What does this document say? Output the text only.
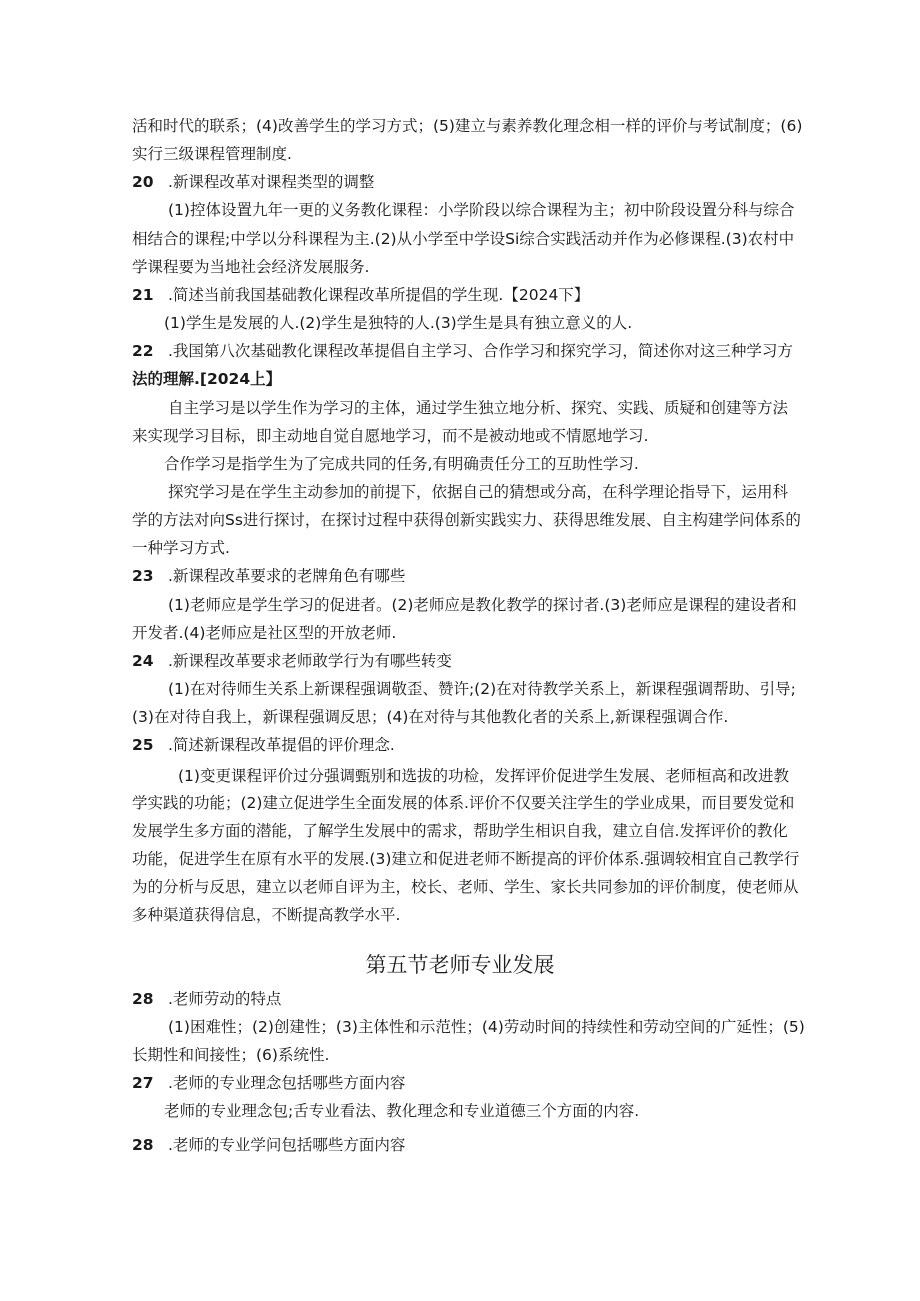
活和时代的联系；(4)改善学生的学习方式；(5)建立与素养教化理念相一样的评价与考试制度；(6)
实行三级课程管理制度.
20 .新课程改革对课程类型的调整
(1)控体设置九年一更的义务教化课程：小学阶段以综合课程为主；初中阶段设置分科与综合
相结合的课程;中学以分科课程为主.(2)从小学至中学设Si综合实践活动并作为必修课程.(3)农村中
学课程要为当地社会经济发展服务.
21 .简述当前我国基础教化课程改革所提倡的学生现.【2024下】
(1)学生是发展的人.(2)学生是独特的人.(3)学生是具有独立意义的人.
22 .我国第八次基础教化课程改革提倡自主学习、合作学习和探究学习，简述你对这三种学习方
法的理解.[2024上】
自主学习是以学生作为学习的主体，通过学生独立地分析、探究、实践、质疑和创建等方法
来实现学习目标，即主动地自觉自愿地学习，而不是被动地或不情愿地学习.
合作学习是指学生为了完成共同的任务,有明确责任分工的互助性学习.
探究学习是在学生主动参加的前提下，依据自己的猜想或分高，在科学理论指导下，运用科
学的方法对向Ss进行探讨，在探讨过程中获得创新实践实力、获得思维发展、自主构建学问体系的
一种学习方式.
23 .新课程改革要求的老牌角色有哪些
(1)老师应是学生学习的促进者。(2)老师应是教化教学的探讨者.(3)老师应是课程的建设者和
开发者.(4)老师应是社区型的开放老师.
24 .新课程改革要求老师敢学行为有哪些转变
(1)在对待师生关系上新课程强调敬歪、赞许;(2)在对待教学关系上，新课程强调帮助、引导;
(3)在对待自我上，新课程强调反思；(4)在对待与其他教化者的关系上,新课程强调合作.
25 .简述新课程改革提倡的评价理念.
(1)变更课程评价过分强调甄别和选拔的功检，发挥评价促进学生发展、老师桓高和改进教
学实践的功能；(2)建立促进学生全面发展的体系.评价不仅要关注学生的学业成果，而目要发觉和
发展学生多方面的潜能，了解学生发展中的需求，帮助学生相识自我，建立自信.发挥评价的教化
功能，促进学生在原有水平的发展.(3)建立和促进老师不断提高的评价体系.强调较相宜自己教学行
为的分析与反思，建立以老师自评为主，校长、老师、学生、家长共同参加的评价制度，使老师从
多种渠道获得信息，不断提高教学水平.
第五节老师专业发展
28 .老师劳动的特点
(1)困难性；(2)创建性；(3)主体性和示范性；(4)劳动时间的持续性和劳动空间的广延性；(5)
长期性和间接性；(6)系统性.
27 .老师的专业理念包括哪些方面内容
老师的专业理念包;舌专业看法、教化理念和专业道德三个方面的内容.
28 .老师的专业学问包括哪些方面内容
